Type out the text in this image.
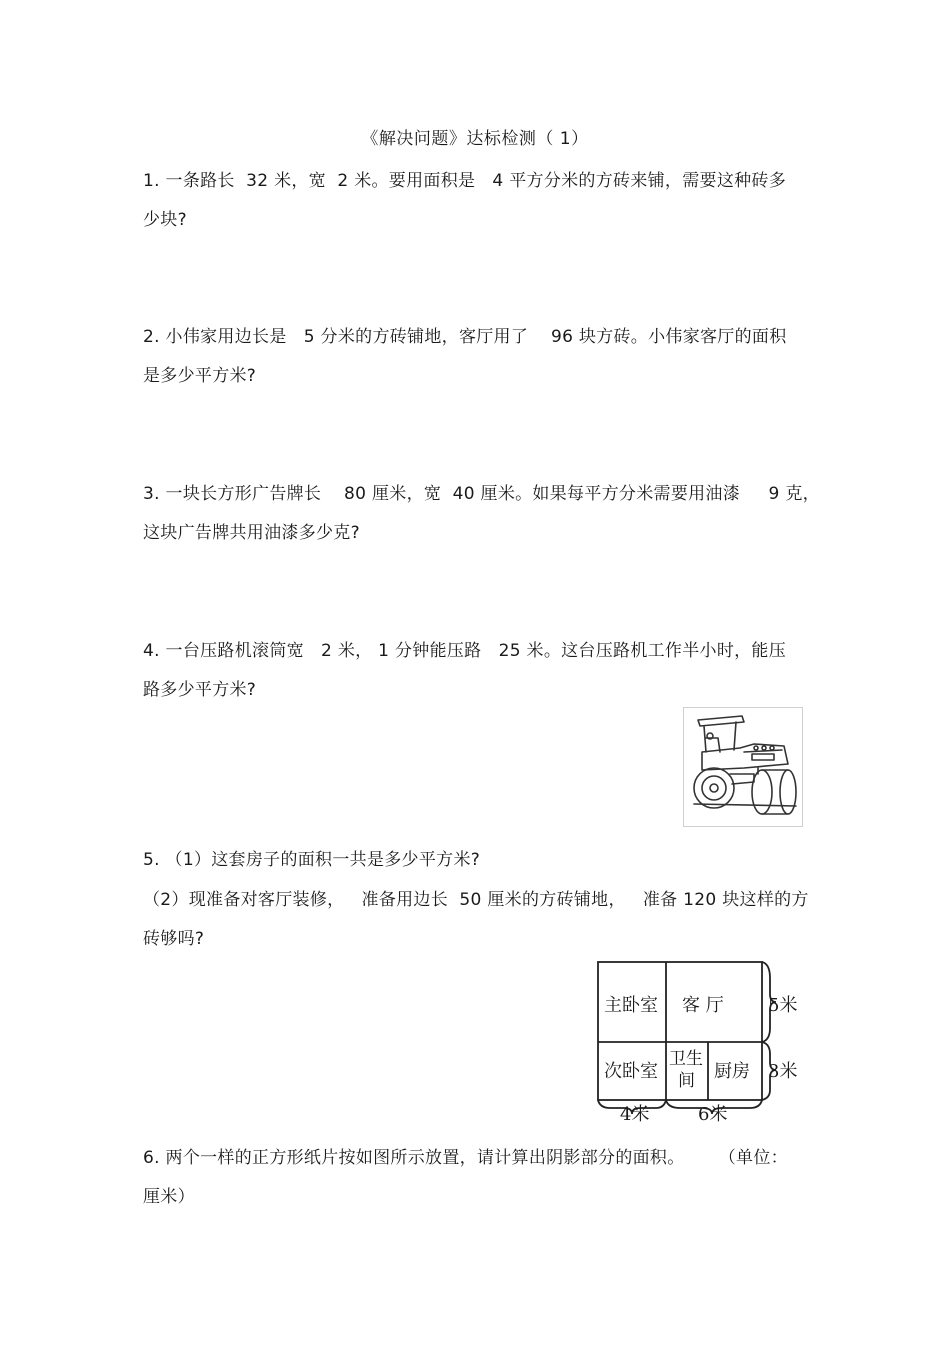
《解决问题》达标检测（ 1）
1. 一条路长  32 米，宽  2 米。要用面积是   4 平方分米的方砖来铺，需要这种砖多
少块?
2. 小伟家用边长是   5 分米的方砖铺地，客厅用了    96 块方砖。小伟家客厅的面积
是多少平方米?
3. 一块长方形广告牌长    80 厘米，宽  40 厘米。如果每平方分米需要用油漆     9 克，
这块广告牌共用油漆多少克?
4. 一台压路机滚筒宽   2 米， 1 分钟能压路   25 米。这台压路机工作半小时，能压
路多少平方米?
5. （1）这套房子的面积一共是多少平方米?
（2）现准备对客厅装修，   准备用边长  50 厘米的方砖铺地，   准备 120 块这样的方
砖够吗?
主卧室 客 厅
次卧室
卫生
间 厨房
5米
3米
4米	6米
6. 两个一样的正方形纸片按如图所示放置，请计算出阴影部分的面积。      （单位：
厘米）
